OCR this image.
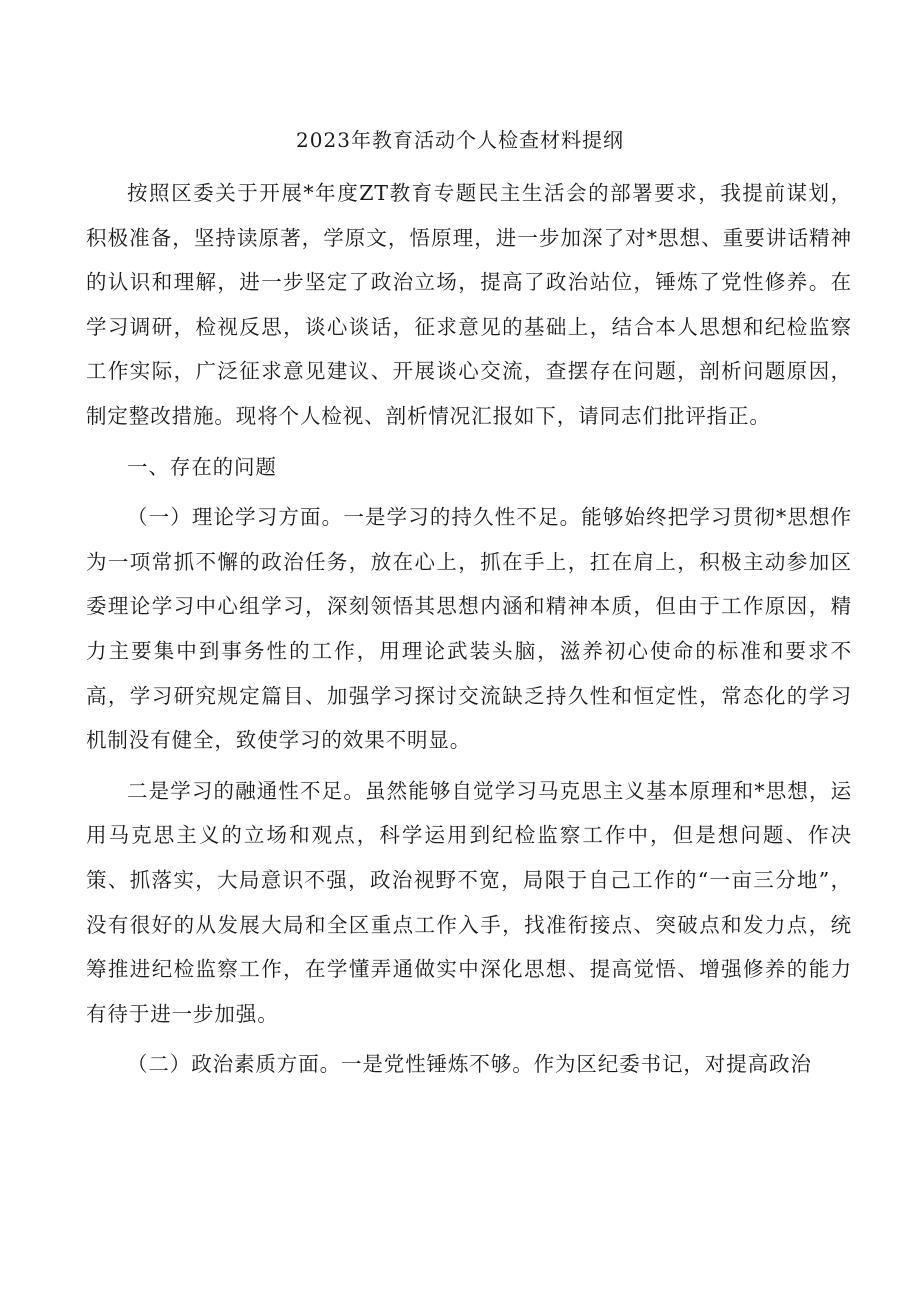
2023年教育活动个人检查材料提纲

按照区委关于开展*年度ZT教育专题民主生活会的部署要求，我提前谋划，积极准备，坚持读原著，学原文，悟原理，进一步加深了对*思想、重要讲话精神的认识和理解，进一步坚定了政治立场，提高了政治站位，锤炼了党性修养。在学习调研，检视反思，谈心谈话，征求意见的基础上，结合本人思想和纪检监察工作实际，广泛征求意见建议、开展谈心交流，查摆存在问题，剖析问题原因，制定整改措施。现将个人检视、剖析情况汇报如下，请同志们批评指正。

一、存在的问题

（一）理论学习方面。一是学习的持久性不足。能够始终把学习贯彻*思想作为一项常抓不懈的政治任务，放在心上，抓在手上，扛在肩上，积极主动参加区委理论学习中心组学习，深刻领悟其思想内涵和精神本质，但由于工作原因，精力主要集中到事务性的工作，用理论武装头脑，滋养初心使命的标准和要求不高，学习研究规定篇目、加强学习探讨交流缺乏持久性和恒定性，常态化的学习机制没有健全，致使学习的效果不明显。

二是学习的融通性不足。虽然能够自觉学习马克思主义基本原理和*思想，运用马克思主义的立场和观点，科学运用到纪检监察工作中，但是想问题、作决策、抓落实，大局意识不强，政治视野不宽，局限于自己工作的“一亩三分地”，没有很好的从发展大局和全区重点工作入手，找准衔接点、突破点和发力点，统筹推进纪检监察工作，在学懂弄通做实中深化思想、提高觉悟、增强修养的能力有待于进一步加强。

（二）政治素质方面。一是党性锤炼不够。作为区纪委书记，对提高政治
